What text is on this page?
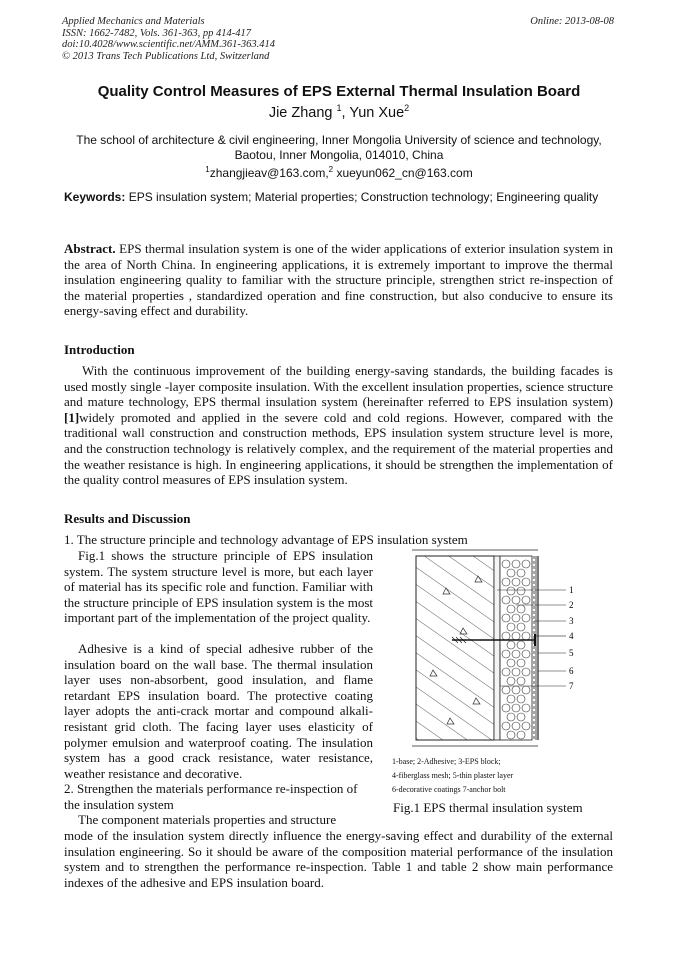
Applied Mechanics and Materials
ISSN: 1662-7482, Vols. 361-363, pp 414-417
doi:10.4028/www.scientific.net/AMM.361-363.414
© 2013 Trans Tech Publications Ltd, Switzerland
Online: 2013-08-08
Quality Control Measures of EPS External Thermal Insulation Board
Jie Zhang $^1$, Yun Xue$^2$
The school of architecture & civil engineering, Inner Mongolia University of science and technology,
Baotou, Inner Mongolia, 014010, China
$^1$zhangjieav@163.com,$^2$ xueyun062_cn@163.com
Keywords: EPS insulation system; Material properties; Construction technology; Engineering quality
Abstract. EPS thermal insulation system is one of the wider applications of exterior insulation system in the area of North China. In engineering applications, it is extremely important to improve the thermal insulation engineering quality to familiar with the structure principle, strengthen strict re-inspection of the material properties , standardized operation and fine construction, but also conducive to ensure its energy-saving effect and durability.
Introduction
With the continuous improvement of the building energy-saving standards, the building facades is used mostly single -layer composite insulation. With the excellent insulation properties, science structure and mature technology, EPS thermal insulation system (hereinafter referred to EPS insulation system) [1]widely promoted and applied in the severe cold and cold regions. However, compared with the traditional wall construction and construction methods, EPS insulation system structure level is more, and the construction technology is relatively complex, and the requirement of the material properties and the weather resistance is high. In engineering applications, it should be strengthen the implementation of the quality control measures of EPS insulation system.
Results and Discussion
1. The structure principle and technology advantage of EPS insulation system
Fig.1 shows the structure principle of EPS insulation system. The system structure level is more, but each layer of material has its specific role and function. Familiar with the structure principle of EPS insulation system is the most important part of the implementation of the project quality.
Adhesive is a kind of special adhesive rubber of the insulation board on the wall base. The thermal insulation layer uses non-absorbent, good insulation, and flame retardant EPS insulation board. The protective coating layer adopts the anti-crack mortar and compound alkali-resistant grid cloth. The facing layer uses elasticity of polymer emulsion and waterproof coating. The insulation system has a good crack resistance, water resistance, weather resistance and decorative.
2. Strengthen the materials performance re-inspection of the insulation system
The component materials properties and structure
mode of the insulation system directly influence the energy-saving effect and durability of the external insulation engineering. So it should be aware of the composition material performance of the insulation system and to strengthen the performance re-inspection. Table 1 and table 2 show main performance indexes of the adhesive and EPS insulation board.
1
2
3
4
5
6
7
1-base; 2-Adhesive; 3-EPS block;
4-fiberglass mesh; 5-thin plaster layer
6-decorative coatings 7-anchor bolt
Fig.1 EPS thermal insulation system
